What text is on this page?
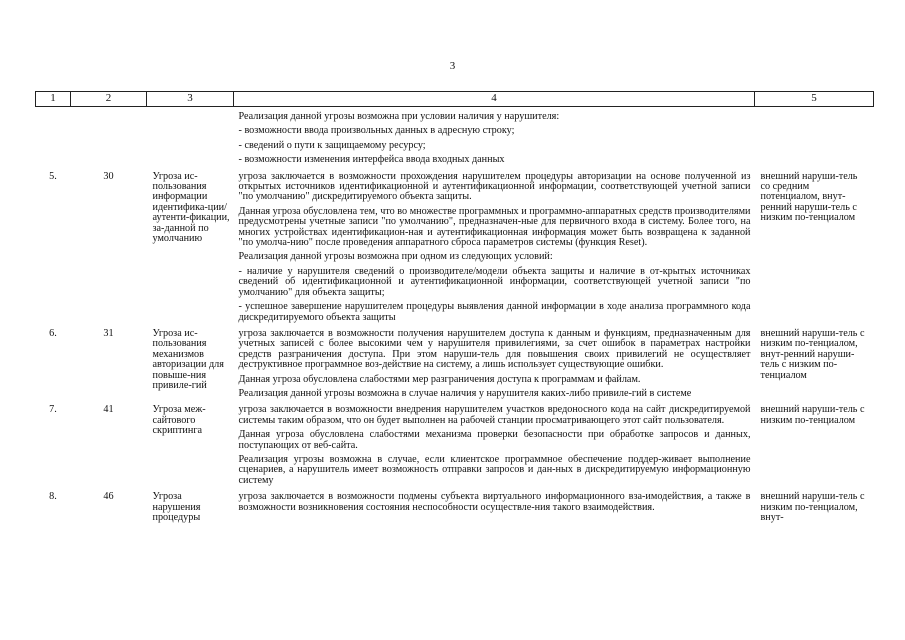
3
1	2	3	4	5

			Реализация данной угрозы возможна при условии наличия у нарушителя:

- возможности ввода произвольных данных в адресную строку;

- сведений о пути к защищаемому ресурсу;

- возможности изменения интерфейса ввода входных данных	

5.	30	Угроза ис-пользования информации идентифика-ции/аутенти-фикации, за-данной по умолчанию	угроза заключается в возможности прохождения нарушителем процедуры авторизации на основе полученной из открытых источников идентификационной и аутентификационной информации, соответствующей учетной записи "по умолчанию" дискредитируемого объекта защиты.

Данная угроза обусловлена тем, что во множестве программных и программно-аппаратных средств производителями предусмотрены учетные записи "по умолчанию", предназначен-ные для первичного входа в систему. Более того, на многих устройствах идентификацион-ная и аутентификационная информация может быть возвращена к заданной "по умолча-нию" после проведения аппаратного сброса параметров системы (функция Reset).

Реализация данной угрозы возможна при одном из следующих условий:

- наличие у нарушителя сведений о производителе/модели объекта защиты и наличие в от-крытых источниках сведений об идентификационной и аутентификационной информации, соответствующей учетной записи "по умолчанию" для объекта защиты;

- успешное завершение нарушителем процедуры выявления данной информации в ходе анализа программного кода дискредитируемого объекта защиты	внешний наруши-тель со средним потенциалом, внут-ренний наруши-тель с низким по-тенциалом
6.	31	Угроза ис-пользования механизмов авторизации для повыше-ния привиле-гий	угроза заключается в возможности получения нарушителем доступа к данным и функциям, предназначенным для учетных записей с более высокими чем у нарушителя привилегиями, за счет ошибок в параметрах настройки средств разграничения доступа. При этом наруши-тель для повышения своих привилегий не осуществляет деструктивное программное воз-действие на систему, а лишь использует существующие ошибки.

Данная угроза обусловлена слабостями мер разграничения доступа к программам и файлам.

Реализация данной угрозы возможна в случае наличия у нарушителя каких-либо привиле-гий в системе	внешний наруши-тель с низким по-тенциалом, внут-ренний наруши-тель с низким по-тенциалом
7.	41	Угроза меж-сайтового скриптинга	угроза заключается в возможности внедрения нарушителем участков вредоносного кода на сайт дискредитируемой системы таким образом, что он будет выполнен на рабочей станции просматривающего этот сайт пользователя.

Данная угроза обусловлена слабостями механизма проверки безопасности при обработке запросов и данных, поступающих от веб-сайта.

Реализация угрозы возможна в случае, если клиентское программное обеспечение поддер-живает выполнение сценариев, а нарушитель имеет возможность отправки запросов и дан-ных в дискредитируемую информационную систему	внешний наруши-тель с низким по-тенциалом
8.	46	Угроза нарушения процедуры	угроза заключается в возможности подмены субъекта виртуального информационного вза-имодействия, а также в возможности возникновения состояния неспособности осуществле-ния такого взаимодействия.	внешний наруши-тель с низким по-тенциалом, внут-
